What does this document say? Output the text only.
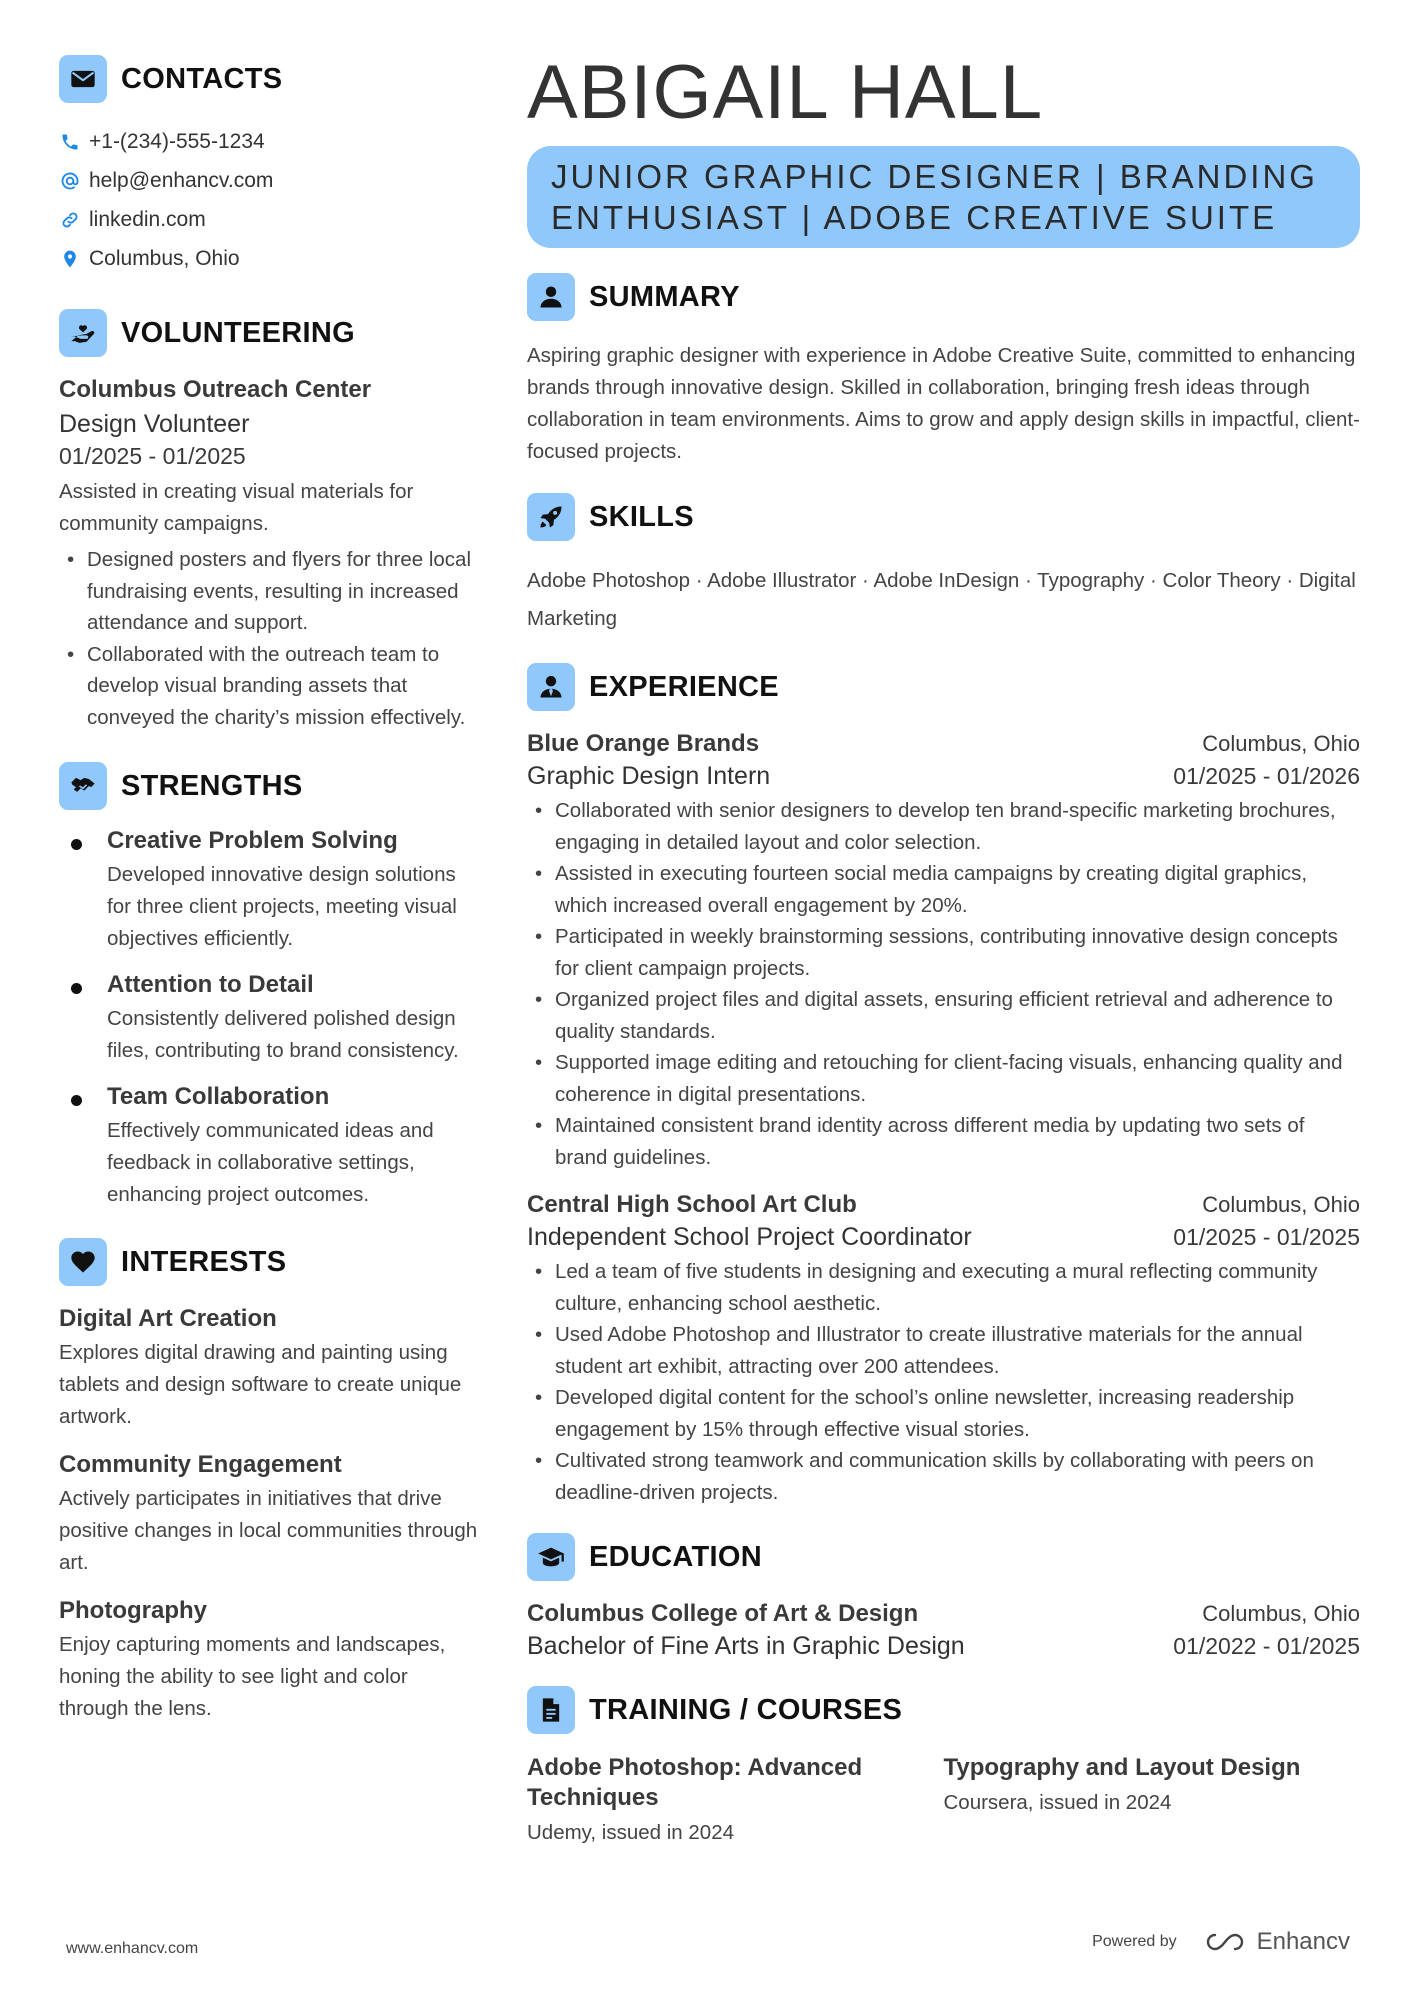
CONTACTS
+1-(234)-555-1234
help@enhancv.com
linkedin.com
Columbus, Ohio
VOLUNTEERING
Columbus Outreach Center
Design Volunteer
01/2025 - 01/2025
Assisted in creating visual materials for community campaigns.
• Designed posters and flyers for three local fundraising events, resulting in increased attendance and support.
• Collaborated with the outreach team to develop visual branding assets that conveyed the charity’s mission effectively.
STRENGTHS
Creative Problem Solving
Developed innovative design solutions for three client projects, meeting visual objectives efficiently.
Attention to Detail
Consistently delivered polished design files, contributing to brand consistency.
Team Collaboration
Effectively communicated ideas and feedback in collaborative settings, enhancing project outcomes.
INTERESTS
Digital Art Creation
Explores digital drawing and painting using tablets and design software to create unique artwork.
Community Engagement
Actively participates in initiatives that drive positive changes in local communities through art.
Photography
Enjoy capturing moments and landscapes, honing the ability to see light and color through the lens.
ABIGAIL HALL
JUNIOR GRAPHIC DESIGNER | BRANDING
ENTHUSIAST | ADOBE CREATIVE SUITE
SUMMARY
Aspiring graphic designer with experience in Adobe Creative Suite, committed to enhancing brands through innovative design. Skilled in collaboration, bringing fresh ideas through collaboration in team environments. Aims to grow and apply design skills in impactful, client-focused projects.
SKILLS
Adobe Photoshop · Adobe Illustrator · Adobe InDesign · Typography · Color Theory · Digital Marketing
EXPERIENCE
Blue Orange Brands	Columbus, Ohio
Graphic Design Intern	01/2025 - 01/2026
• Collaborated with senior designers to develop ten brand-specific marketing brochures, engaging in detailed layout and color selection.
• Assisted in executing fourteen social media campaigns by creating digital graphics, which increased overall engagement by 20%.
• Participated in weekly brainstorming sessions, contributing innovative design concepts for client campaign projects.
• Organized project files and digital assets, ensuring efficient retrieval and adherence to quality standards.
• Supported image editing and retouching for client-facing visuals, enhancing quality and coherence in digital presentations.
• Maintained consistent brand identity across different media by updating two sets of brand guidelines.
Central High School Art Club	Columbus, Ohio
Independent School Project Coordinator	01/2025 - 01/2025
• Led a team of five students in designing and executing a mural reflecting community culture, enhancing school aesthetic.
• Used Adobe Photoshop and Illustrator to create illustrative materials for the annual student art exhibit, attracting over 200 attendees.
• Developed digital content for the school’s online newsletter, increasing readership engagement by 15% through effective visual stories.
• Cultivated strong teamwork and communication skills by collaborating with peers on deadline-driven projects.
EDUCATION
Columbus College of Art & Design	Columbus, Ohio
Bachelor of Fine Arts in Graphic Design	01/2022 - 01/2025
TRAINING / COURSES
Adobe Photoshop: Advanced Techniques
Udemy, issued in 2024
Typography and Layout Design
Coursera, issued in 2024
www.enhancv.com	Powered by	Enhancv
